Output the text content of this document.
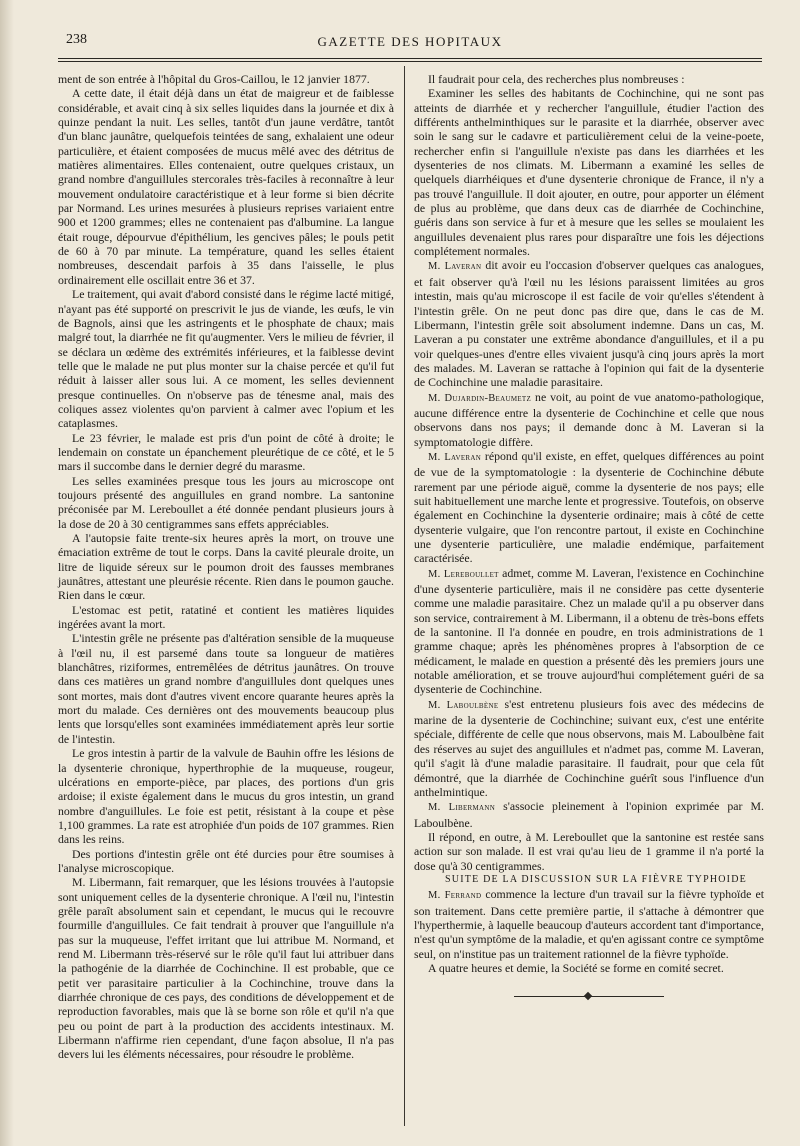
238	GAZETTE DES HOPITAUX

ment de son entrée à l'hôpital du Gros-Caillou, le 12 janvier 1877.

A cette date, il était déjà dans un état de maigreur et de faiblesse considérable, et avait cinq à six selles liquides dans la journée et dix à quinze pendant la nuit. Les selles, tantôt d'un jaune verdâtre, tantôt d'un blanc jaunâtre, quelquefois teintées de sang, exhalaient une odeur particulière, et étaient composées de mucus mêlé avec des détritus de matières alimentaires. Elles contenaient, outre quelques cristaux, un grand nombre d'anguillules stercorales très-faciles à reconnaître à leur mouvement ondulatoire caractéristique et à leur forme si bien décrite par Normand. Les urines mesurées à plusieurs reprises variaient entre 900 et 1200 grammes; elles ne contenaient pas d'albumine. La langue était rouge, dépourvue d'épithélium, les gencives pâles; le pouls petit de 60 à 70 par minute. La température, quand les selles étaient nombreuses, descendait parfois à 35 dans l'aisselle, le plus ordinairement elle oscillait entre 36 et 37.

Le traitement, qui avait d'abord consisté dans le régime lacté mitigé, n'ayant pas été supporté on prescrivit le jus de viande, les œufs, le vin de Bagnols, ainsi que les astringents et le phosphate de chaux; mais malgré tout, la diarrhée ne fit qu'augmenter. Vers le milieu de février, il se déclara un œdème des extrémités inférieures, et la faiblesse devint telle que le malade ne put plus monter sur la chaise percée et qu'il fut réduit à laisser aller sous lui. A ce moment, les selles deviennent presque continuelles. On n'observe pas de ténesme anal, mais des coliques assez violentes qu'on parvient à calmer avec l'opium et les cataplasmes.

Le 23 février, le malade est pris d'un point de côté à droite; le lendemain on constate un épanchement pleurétique de ce côté, et le 5 mars il succombe dans le dernier degré du marasme.

Les selles examinées presque tous les jours au microscope ont toujours présenté des anguillules en grand nombre. La santonine préconisée par M. Lereboullet a été donnée pendant plusieurs jours à la dose de 20 à 30 centigrammes sans effets appréciables.

A l'autopsie faite trente-six heures après la mort, on trouve une émaciation extrême de tout le corps. Dans la cavité pleurale droite, un litre de liquide séreux sur le poumon droit des fausses membranes jaunâtres, attestant une pleurésie récente. Rien dans le poumon gauche. Rien dans le cœur.

L'estomac est petit, ratatiné et contient les matières liquides ingérées avant la mort.

L'intestin grêle ne présente pas d'altération sensible de la muqueuse à l'œil nu, il est parsemé dans toute sa longueur de matières blanchâtres, riziformes, entremêlées de détritus jaunâtres. On trouve dans ces matières un grand nombre d'anguillules dont quelques unes sont mortes, mais dont d'autres vivent encore quarante heures après la mort du malade. Ces dernières ont des mouvements beaucoup plus lents que lorsqu'elles sont examinées immédiatement après leur sortie de l'intestin.

Le gros intestin à partir de la valvule de Bauhin offre les lésions de la dysenterie chronique, hyperthrophie de la muqueuse, rougeur, ulcérations en emporte-pièce, par places, des portions d'un gris ardoise; il existe également dans le mucus du gros intestin, un grand nombre d'anguillules. Le foie est petit, résistant à la coupe et pèse 1,100 grammes. La rate est atrophiée d'un poids de 107 grammes. Rien dans les reins.

Des portions d'intestin grêle ont été durcies pour être soumises à l'analyse microscopique.

M. Libermann, fait remarquer, que les lésions trouvées à l'autopsie sont uniquement celles de la dysenterie chronique. A l'œil nu, l'intestin grêle paraît absolument sain et cependant, le mucus qui le recouvre fourmille d'anguillules. Ce fait tendrait à prouver que l'anguillule n'a pas sur la muqueuse, l'effet irritant que lui attribue M. Normand, et rend M. Libermann très-réservé sur le rôle qu'il faut lui attribuer dans la pathogénie de la diarrhée de Cochinchine. Il est probable, que ce petit ver parasitaire particulier à la Cochinchine, trouve dans la diarrhée chronique de ces pays, des conditions de développement et de reproduction favorables, mais que là se borne son rôle et qu'il n'a que peu ou point de part à la production des accidents intestinaux. M. Libermann n'affirme rien cependant, d'une façon absolue, Il n'a pas devers lui les éléments nécessaires, pour résoudre le problème.

Il faudrait pour cela, des recherches plus nombreuses :

Examiner les selles des habitants de Cochinchine, qui ne sont pas atteints de diarrhée et y rechercher l'anguillule, étudier l'action des différents anthelminthiques sur le parasite et la diarrhée, observer avec soin le sang sur le cadavre et particulièrement celui de la veine-poete, rechercher enfin si l'anguillule n'existe pas dans les diarrhées et les dysenteries de nos climats. M. Libermann a examiné les selles de quelquels diarrhéiques et d'une dysenterie chronique de France, il n'y a pas trouvé l'anguillule. Il doit ajouter, en outre, pour apporter un élément de plus au problème, que dans deux cas de diarrhée de Cochinchine, guéris dans son service à fur et à mesure que les selles se moulaient les anguillules devenaient plus rares pour disparaître une fois les déjections complétement normales.

M. Laveran dit avoir eu l'occasion d'observer quelques cas analogues, et fait observer qu'à l'œil nu les lésions paraissent limitées au gros intestin, mais qu'au microscope il est facile de voir qu'elles s'étendent à l'intestin grêle. On ne peut donc pas dire que, dans le cas de M. Libermann, l'intestin grêle soit absolument indemne. Dans un cas, M. Laveran a pu constater une extrême abondance d'anguillules, et il a pu voir quelques-unes d'entre elles vivaient jusqu'à cinq jours après la mort des malades. M. Laveran se rattache à l'opinion qui fait de la dysenterie de Cochinchine une maladie parasitaire.

M. Dujardin-Beaumetz ne voit, au point de vue anatomo-pathologique, aucune différence entre la dysenterie de Cochinchine et celle que nous observons dans nos pays; il demande donc à M. Laveran si la symptomatologie diffère.

M. Laveran répond qu'il existe, en effet, quelques différences au point de vue de la symptomatologie : la dysenterie de Cochinchine débute rarement par une période aiguë, comme la dysenterie de nos pays; elle suit habituellement une marche lente et progressive. Toutefois, on observe également en Cochinchine la dysenterie ordinaire; mais à côté de cette dysenterie vulgaire, que l'on rencontre partout, il existe en Cochinchine une dysenterie particulière, une maladie endémique, parfaitement caractérisée.

M. Lereboullet admet, comme M. Laveran, l'existence en Cochinchine d'une dysenterie particulière, mais il ne considère pas cette dysenterie comme une maladie parasitaire. Chez un malade qu'il a pu observer dans son service, contrairement à M. Libermann, il a obtenu de très-bons effets de la santonine. Il l'a donnée en poudre, en trois administrations de 1 gramme chaque; après les phénomènes propres à l'absorption de ce médicament, le malade en question a présenté dès les premiers jours une notable amélioration, et se trouve aujourd'hui complétement guéri de sa dysenterie de Cochinchine.

M. Laboulbène s'est entretenu plusieurs fois avec des médecins de marine de la dysenterie de Cochinchine; suivant eux, c'est une entérite spéciale, différente de celle que nous observons, mais M. Laboulbène fait des réserves au sujet des anguillules et n'admet pas, comme M. Laveran, qu'il s'agit là d'une maladie parasitaire. Il faudrait, pour que cela fût démontré, que la diarrhée de Cochinchine guérît sous l'influence d'un anthelmintique.

M. Libermann s'associe pleinement à l'opinion exprimée par M. Laboulbène.

Il répond, en outre, à M. Lereboullet que la santonine est restée sans action sur son malade. Il est vrai qu'au lieu de 1 gramme il n'a porté la dose qu'à 30 centigrammes.

SUITE DE LA DISCUSSION SUR LA FIÈVRE TYPHOIDE

M. Ferrand commence la lecture d'un travail sur la fièvre typhoïde et son traitement. Dans cette première partie, il s'attache à démontrer que l'hyperthermie, à laquelle beaucoup d'auteurs accordent tant d'importance, n'est qu'un symptôme de la maladie, et qu'en agissant contre ce symptôme seul, on n'institue pas un traitement rationnel de la fièvre typhoïde.

A quatre heures et demie, la Société se forme en comité secret.
